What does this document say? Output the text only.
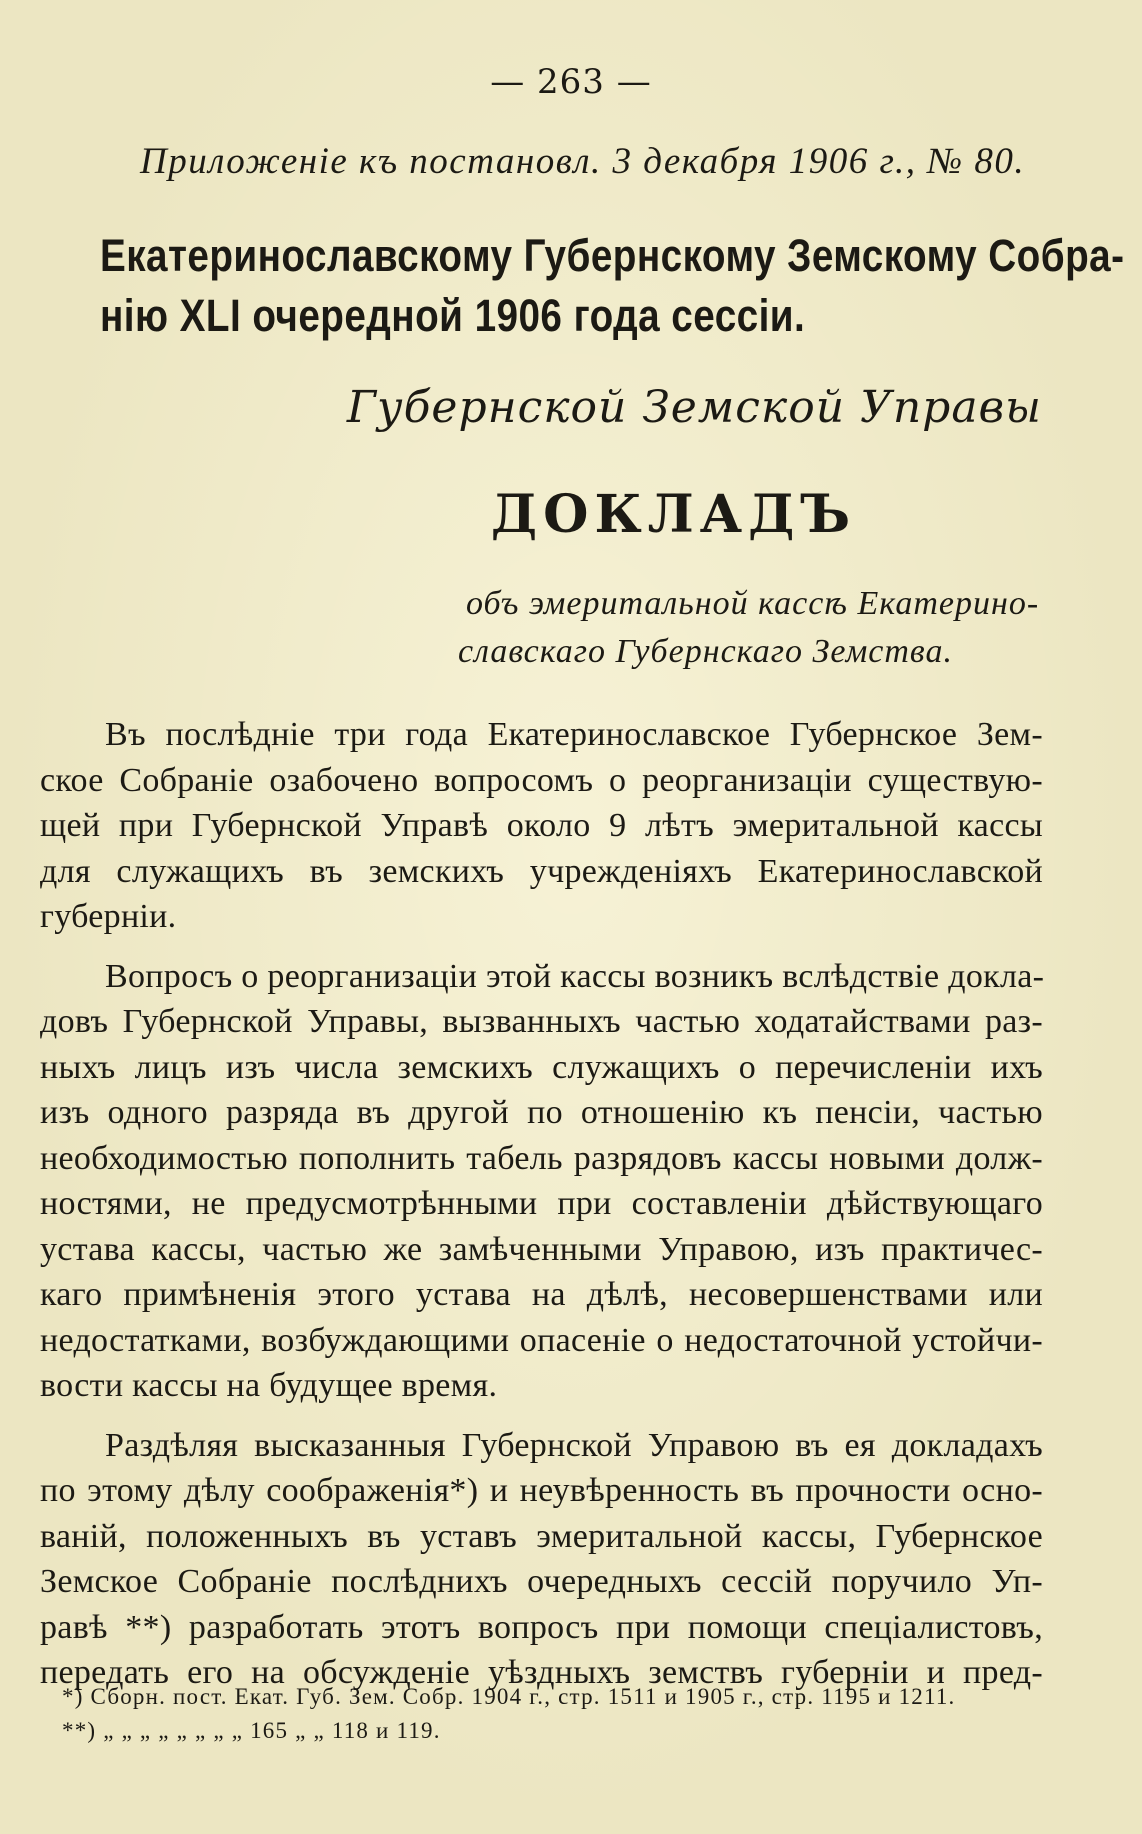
— 263 —
Приложеніе къ постановл. 3 декабря 1906 г., № 80.
Екатеринославскому Губернскому Земскому Собра-
нію XLI очередной 1906 года сессіи.
Губернской Земской Управы
ДОКЛАДЪ
объ эмеритальной кассѣ Екатерино-
славскаго Губернскаго Земства.
Въ послѣдніе три года Екатеринославское Губернское Зем-
ское Собраніе озабочено вопросомъ о реорганизаціи существую-
щей при Губернской Управѣ около 9 лѣтъ эмеритальной кассы
для служащихъ въ земскихъ учрежденіяхъ Екатеринославской
губерніи.
Вопросъ о реорганизаціи этой кассы возникъ вслѣдствіе докла-
довъ Губернской Управы, вызванныхъ частью ходатайствами раз-
ныхъ лицъ изъ числа земскихъ служащихъ о перечисленіи ихъ
изъ одного разряда въ другой по отношенію къ пенсіи, частью
необходимостью пополнить табель разрядовъ кассы новыми долж-
ностями, не предусмотрѣнными при составленіи дѣйствующаго
устава кассы, частью же замѣченными Управою, изъ практичес-
каго примѣненія этого устава на дѣлѣ, несовершенствами или
недостатками, возбуждающими опасеніе о недостаточной устойчи-
вости кассы на будущее время.
Раздѣляя высказанныя Губернской Управою въ ея докладахъ
по этому дѣлу соображенія*) и неувѣренность въ прочности осно-
ваній, положенныхъ въ уставъ эмеритальной кассы, Губернское
Земское Собраніе послѣднихъ очередныхъ сессій поручило Уп-
равѣ **) разработать этотъ вопросъ при помощи спеціалистовъ,
передать его на обсужденіе уѣздныхъ земствъ губерніи и пред-
*) Сборн. пост. Екат. Губ. Зем. Собр. 1904 г., стр. 1511 и 1905 г., стр. 1195 и 1211.
**) „ „ „ „ „ „ „ „ 165 „ „ 118 и 119.
